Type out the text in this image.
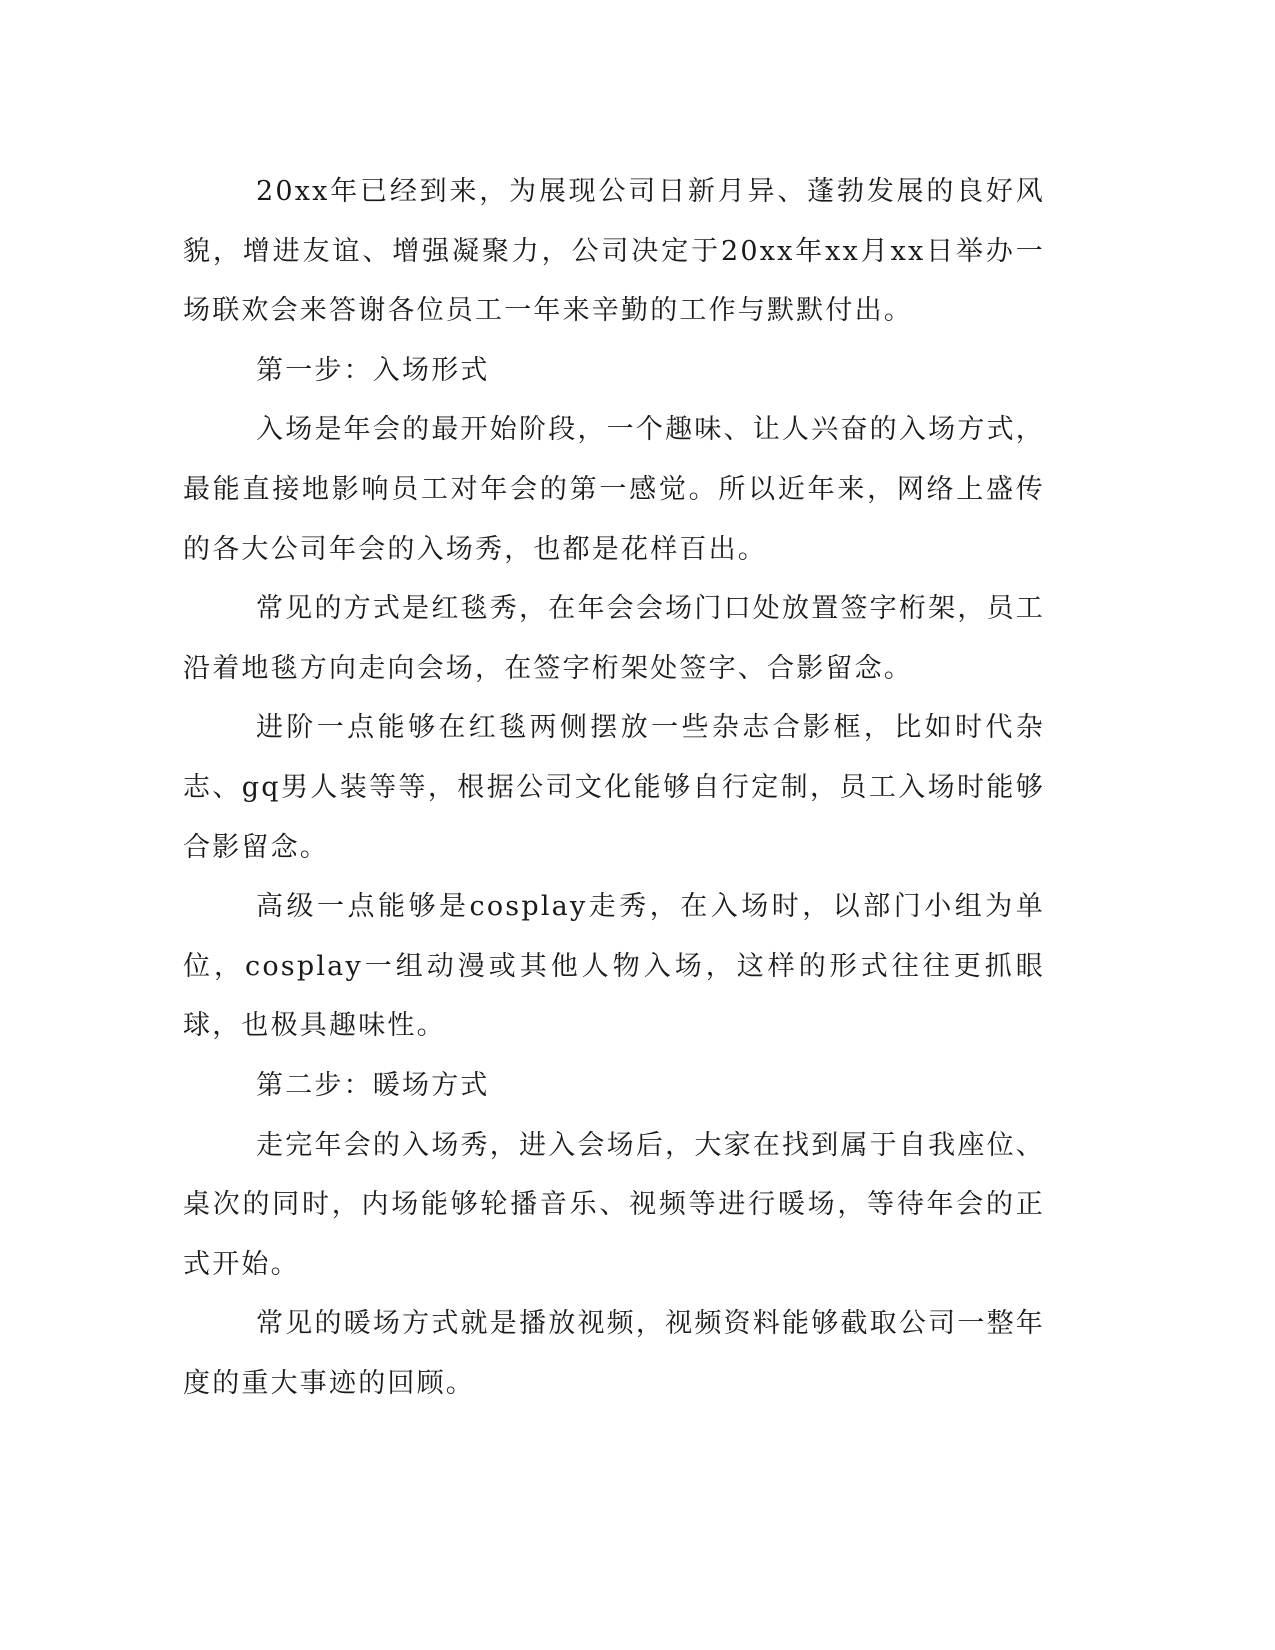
20xx年已经到来，为展现公司日新月异、蓬勃发展的良好风貌，增进友谊、增强凝聚力，公司决定于20xx年xx月xx日举办一场联欢会来答谢各位员工一年来辛勤的工作与默默付出。

第一步：入场形式

入场是年会的最开始阶段，一个趣味、让人兴奋的入场方式，最能直接地影响员工对年会的第一感觉。所以近年来，网络上盛传的各大公司年会的入场秀，也都是花样百出。

常见的方式是红毯秀，在年会会场门口处放置签字桁架，员工沿着地毯方向走向会场，在签字桁架处签字、合影留念。

进阶一点能够在红毯两侧摆放一些杂志合影框，比如时代杂志、gq男人装等等，根据公司文化能够自行定制，员工入场时能够合影留念。

高级一点能够是cosplay走秀，在入场时，以部门小组为单位，cosplay一组动漫或其他人物入场，这样的形式往往更抓眼球，也极具趣味性。

第二步：暖场方式

走完年会的入场秀，进入会场后，大家在找到属于自我座位、桌次的同时，内场能够轮播音乐、视频等进行暖场，等待年会的正式开始。

常见的暖场方式就是播放视频，视频资料能够截取公司一整年度的重大事迹的回顾。
